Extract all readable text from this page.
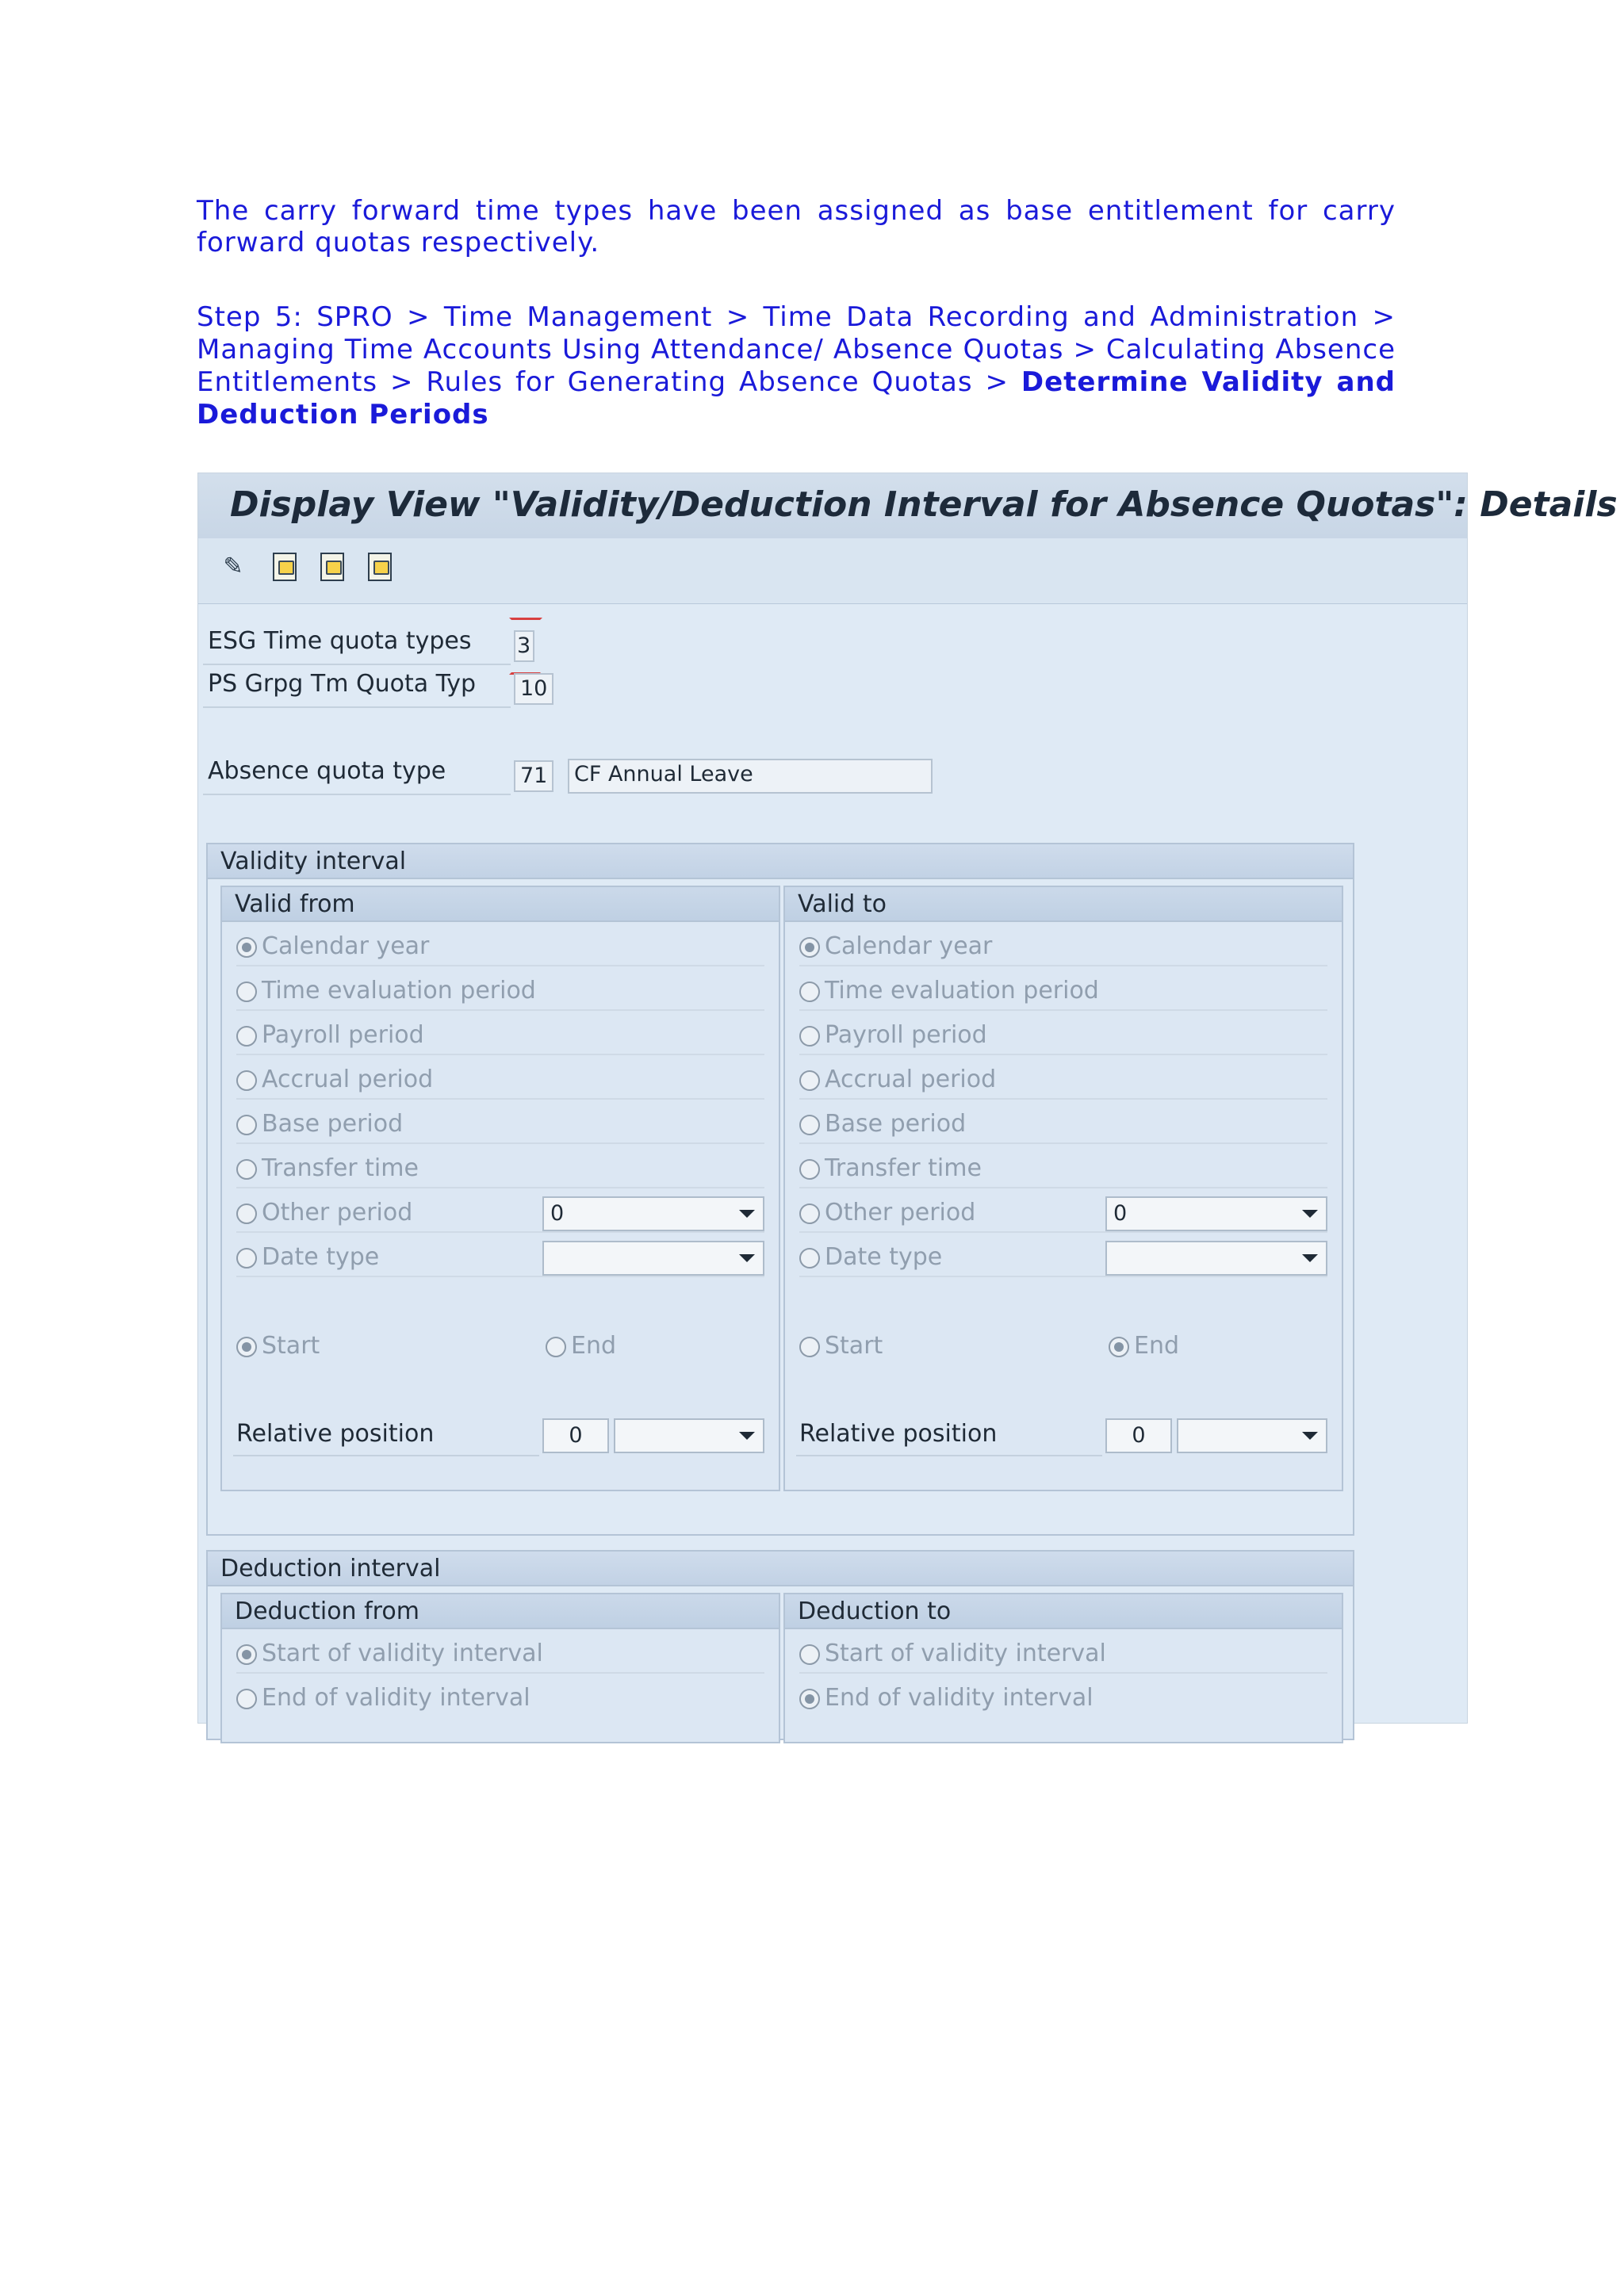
The carry forward time types have been assigned as base entitlement for carry forward quotas respectively.
Step 5: SPRO > Time Management > Time Data Recording and Administration > Managing Time Accounts Using Attendance/ Absence Quotas > Calculating Absence Entitlements > Rules for Generating Absence Quotas > Determine Validity and Deduction Periods
Display View "Validity/Deduction Interval for Absence Quotas": Details
✎
ESG Time quota types 3
PS Grpg Tm Quota Typ 10
Absence quota type	71 CF Annual Leave
Validity interval
Valid from
Calendar year
Time evaluation period
Payroll period
Accrual period
Base period
Transfer time
Other period	0
Date type
Start	End
Relative position	0
Valid to
Calendar year
Time evaluation period
Payroll period
Accrual period
Base period
Transfer time
Other period	0
Date type
Start	End
Relative position	0
Deduction interval
Deduction from
Start of validity interval
End of validity interval
Deduction to
Start of validity interval
End of validity interval
